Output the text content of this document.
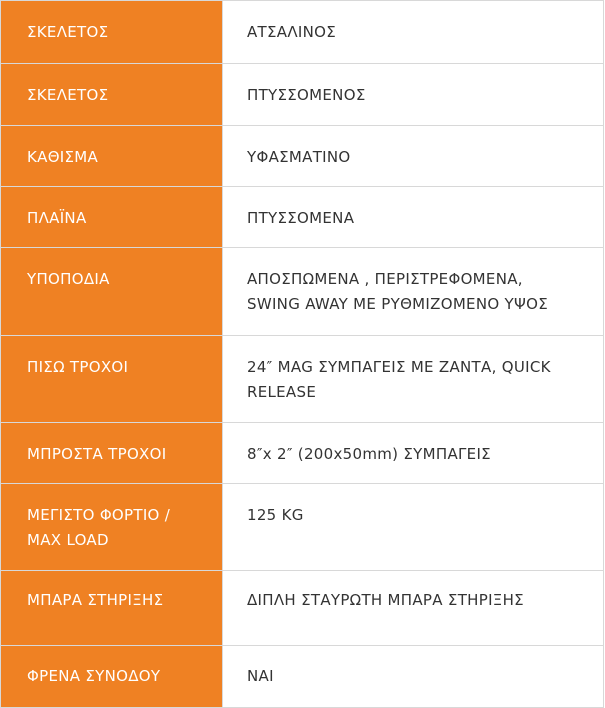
ΣΚΕΛΕΤΟΣ	ΑΤΣΑΛΙΝΟΣ

ΣΚΕΛΕΤΟΣ	ΠΤΥΣΣΟΜΕΝΟΣ

ΚΑΘΙΣΜΑ	ΥΦΑΣΜΑΤΙΝΟ

ΠΛΑΪΝΑ	ΠΤΥΣΣΟΜΕΝΑ

ΥΠΟΠΟΔΙΑ	ΑΠΟΣΠΩΜΕΝΑ , ΠΕΡΙΣΤΡΕΦΟΜΕΝΑ,
SWING AWAY ΜΕ ΡΥΘΜΙΖΟΜΕΝΟ ΥΨΟΣ

ΠΙΣΩ ΤΡΟΧΟΙ	24″ MAG ΣΥΜΠΑΓΕΙΣ ΜΕ ΖΑΝΤΑ, QUICK
RELEASE

ΜΠΡΟΣΤΑ ΤΡΟΧΟΙ	8″x 2″ (200x50mm) ΣΥΜΠΑΓΕΙΣ

ΜΕΓΙΣΤΟ ΦΟΡΤΙΟ /
MAX LOAD	125 KG

ΜΠΑΡΑ ΣΤΗΡΙΞΗΣ	ΔΙΠΛΗ ΣΤΑΥΡΩΤΗ ΜΠΑΡΑ ΣΤΗΡΙΞΗΣ

ΦΡΕΝΑ ΣΥΝΟΔΟΥ	ΝΑΙ
